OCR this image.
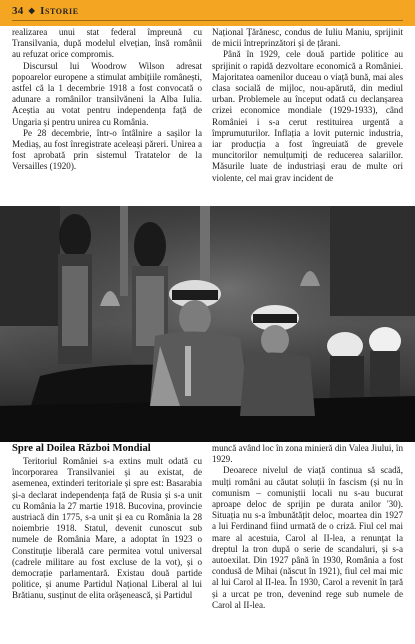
34 ◆ Istorie

realizarea unui stat federal împreună cu Transilvania, după modelul elvețian, însă românii au refuzat orice compromis.

Discursul lui Woodrow Wilson adresat popoarelor europene a stimulat ambițiile românești, astfel că la 1 decembrie 1918 a fost convocată o adunare a românilor transilvăneni la Alba Iulia. Aceștia au votat pentru independența față de Ungaria și pentru unirea cu România.

Pe 28 decembrie, într-o întâlnire a sașilor la Mediaș, au fost înregistrate aceleași păreri. Unirea a fost aprobată prin sistemul Tratatelor de la Versailles (1920).

Național Țărănesc, condus de Iuliu Maniu, sprijinit de micii întreprinzători și de țărani.

Până în 1929, cele două partide politice au sprijinit o rapidă dezvoltare economică a României. Majoritatea oamenilor duceau o viață bună, mai ales clasa socială de mijloc, nou-apărută, din mediul urban. Problemele au început odată cu declanșarea crizei economice mondiale (1929-1933), când României i s-a cerut restituirea urgentă a împrumuturilor. Inflația a lovit puternic industria, iar producția a fost îngreuiată de grevele muncitorilor nemulțumiți de reducerea salariilor. Măsurile luate de industriași erau de multe ori violente, cel mai grav incident de

Spre al Doilea Război Mondial

Teritoriul României s-a extins mult odată cu încorporarea Transilvaniei și au existat, de asemenea, extinderi teritoriale și spre est: Basarabia și-a declarat independența față de Rusia și s-a unit cu România la 27 martie 1918. Bucovina, provincie austriacă din 1775, s-a unit și ea cu România la 28 noiembrie 1918. Statul, devenit cunoscut sub numele de România Mare, a adoptat în 1923 o Constituție liberală care permitea votul universal (cadrele militare au fost excluse de la vot), și o democrație parlamentară. Existau două partide politice, și anume Partidul Național Liberal al lui Brătianu, susținut de elita orășenească, și Partidul

muncă având loc în zona minieră din Valea Jiului, în 1929.

Deoarece nivelul de viață continua să scadă, mulți români au căutat soluții în fascism (și nu în comunism – comuniștii locali nu s-au bucurat aproape deloc de sprijin pe durata anilor '30). Situația nu s-a îmbunătățit deloc, moartea din 1927 a lui Ferdinand fiind urmată de o criză. Fiul cel mai mare al acestuia, Carol al II-lea, a renunțat la dreptul la tron după o serie de scandaluri, și s-a autoexilat. Din 1927 până în 1930, România a fost condusă de Mihai (născut în 1921), fiul cel mai mic al lui Carol al II-lea. În 1930, Carol a revenit în țară și a urcat pe tron, devenind rege sub numele de Carol al II-lea.
